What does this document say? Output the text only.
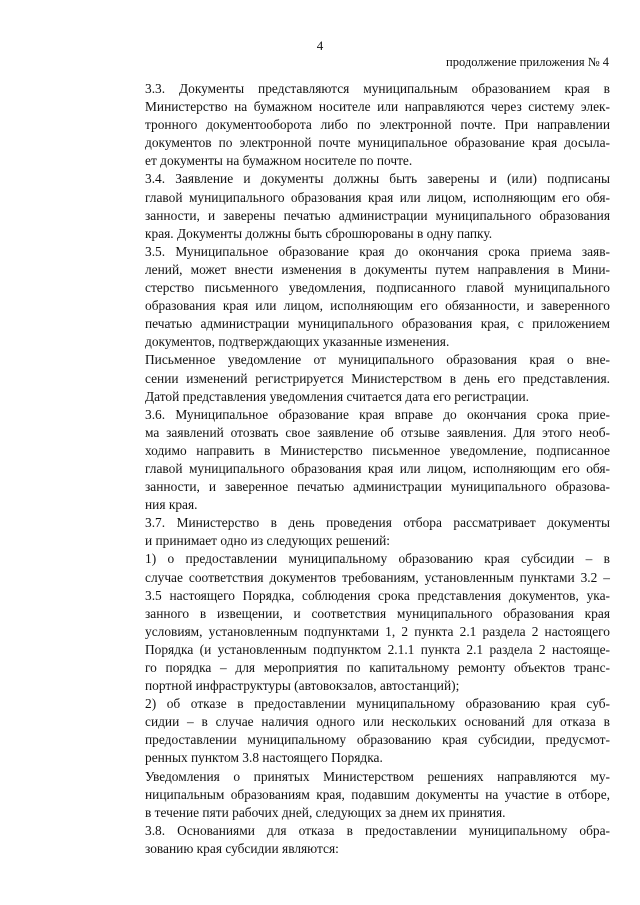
4
продолжение приложения № 4

3.3. Документы представляются муниципальным образованием края в
Министерство на бумажном носителе или направляются через систему элек-
тронного документооборота либо по электронной почте. При направлении
документов по электронной почте муниципальное образование края досыла-
ет документы на бумажном носителе по почте.

3.4. Заявление и документы должны быть заверены и (или) подписаны
главой муниципального образования края или лицом, исполняющим его обя-
занности, и заверены печатью администрации муниципального образования
края. Документы должны быть сброшюрованы в одну папку.

3.5. Муниципальное образование края до окончания срока приема заяв-
лений, может внести изменения в документы путем направления в Мини-
стерство письменного уведомления, подписанного главой муниципального
образования края или лицом, исполняющим его обязанности, и заверенного
печатью администрации муниципального образования края, с приложением
документов, подтверждающих указанные изменения.

Письменное уведомление от муниципального образования края о вне-
сении изменений регистрируется Министерством в день его представления.
Датой представления уведомления считается дата его регистрации.

3.6. Муниципальное образование края вправе до окончания срока прие-
ма заявлений отозвать свое заявление об отзыве заявления. Для этого необ-
ходимо направить в Министерство письменное уведомление, подписанное
главой муниципального образования края или лицом, исполняющим его обя-
занности, и заверенное печатью администрации муниципального образова-
ния края.

3.7. Министерство в день проведения отбора рассматривает документы
и принимает одно из следующих решений:

1) о предоставлении муниципальному образованию края субсидии – в
случае соответствия документов требованиям, установленным пунктами 3.2 –
3.5 настоящего Порядка, соблюдения срока представления документов, ука-
занного в извещении, и соответствия муниципального образования края
условиям, установленным подпунктами 1, 2 пункта 2.1 раздела 2 настоящего
Порядка (и установленным подпунктом 2.1.1 пункта 2.1 раздела 2 настояще-
го порядка – для мероприятия по капитальному ремонту объектов транс-
портной инфраструктуры (автовокзалов, автостанций);

2) об отказе в предоставлении муниципальному образованию края суб-
сидии – в случае наличия одного или нескольких оснований для отказа в
предоставлении муниципальному образованию края субсидии, предусмот-
ренных пунктом 3.8 настоящего Порядка.

Уведомления о принятых Министерством решениях направляются му-
ниципальным образованиям края, подавшим документы на участие в отборе,
в течение пяти рабочих дней, следующих за днем их принятия.

3.8. Основаниями для отказа в предоставлении муниципальному обра-
зованию края субсидии являются:
